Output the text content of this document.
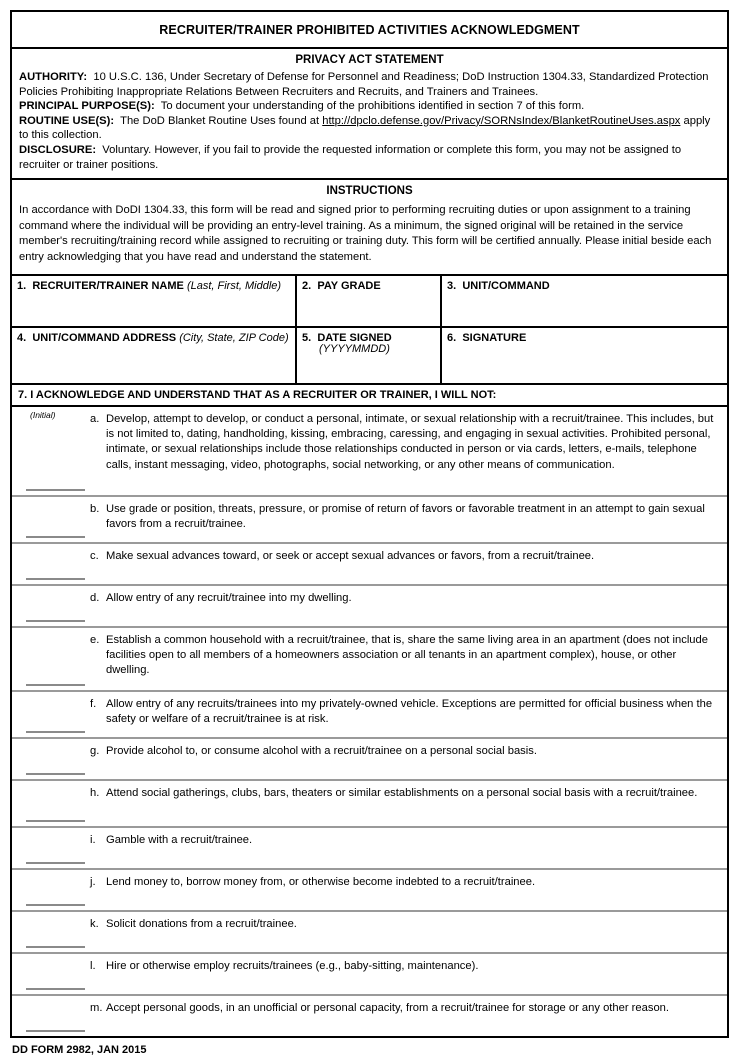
RECRUITER/TRAINER PROHIBITED ACTIVITIES ACKNOWLEDGMENT
PRIVACY ACT STATEMENT

AUTHORITY: 10 U.S.C. 136, Under Secretary of Defense for Personnel and Readiness; DoD Instruction 1304.33, Standardized Protection Policies Prohibiting Inappropriate Relations Between Recruiters and Recruits, and Trainers and Trainees.

PRINCIPAL PURPOSE(S): To document your understanding of the prohibitions identified in section 7 of this form.

ROUTINE USE(S): The DoD Blanket Routine Uses found at http://dpclo.defense.gov/Privacy/SORNsIndex/BlanketRoutineUses.aspx apply to this collection.

DISCLOSURE: Voluntary. However, if you fail to provide the requested information or complete this form, you may not be assigned to recruiter or trainer positions.

INSTRUCTIONS

In accordance with DoDI 1304.33, this form will be read and signed prior to performing recruiting duties or upon assignment to a training command where the individual will be providing an entry-level training. As a minimum, the signed original will be retained in the service member's recruiting/training record while assigned to recruiting or training duty. This form will be certified annually. Please initial beside each entry acknowledging that you have read and understand the statement.

1. RECRUITER/TRAINER NAME (Last, First, Middle)	2. PAY GRADE	3. UNIT/COMMAND
4. UNIT/COMMAND ADDRESS (City, State, ZIP Code)	5. DATE SIGNED
(YYYYMMDD)
6. SIGNATURE
7. I ACKNOWLEDGE AND UNDERSTAND THAT AS A RECRUITER OR TRAINER, I WILL NOT:
(Initial)	a. Develop, attempt to develop, or conduct a personal, intimate, or sexual relationship with a recruit/trainee. This includes, but is not limited to, dating, handholding, kissing, embracing, caressing, and engaging in sexual activities. Prohibited personal, intimate, or sexual relationships include those relationships conducted in person or via cards, letters, e-mails, telephone calls, instant messaging, video, photographs, social networking, or any other means of communication.
b. Use grade or position, threats, pressure, or promise of return of favors or favorable treatment in an attempt to gain sexual favors from a recruit/trainee.
c. Make sexual advances toward, or seek or accept sexual advances or favors, from a recruit/trainee.
d. Allow entry of any recruit/trainee into my dwelling.
e. Establish a common household with a recruit/trainee, that is, share the same living area in an apartment (does not include facilities open to all members of a homeowners association or all tenants in an apartment complex), house, or other dwelling.
f. Allow entry of any recruits/trainees into my privately-owned vehicle. Exceptions are permitted for official business when the safety or welfare of a recruit/trainee is at risk.
g. Provide alcohol to, or consume alcohol with a recruit/trainee on a personal social basis.
h. Attend social gatherings, clubs, bars, theaters or similar establishments on a personal social basis with a recruit/trainee.
i. Gamble with a recruit/trainee.
j. Lend money to, borrow money from, or otherwise become indebted to a recruit/trainee.
k. Solicit donations from a recruit/trainee.
l. Hire or otherwise employ recruits/trainees (e.g., baby-sitting, maintenance).
m. Accept personal goods, in an unofficial or personal capacity, from a recruit/trainee for storage or any other reason.
DD FORM 2982, JAN 2015
